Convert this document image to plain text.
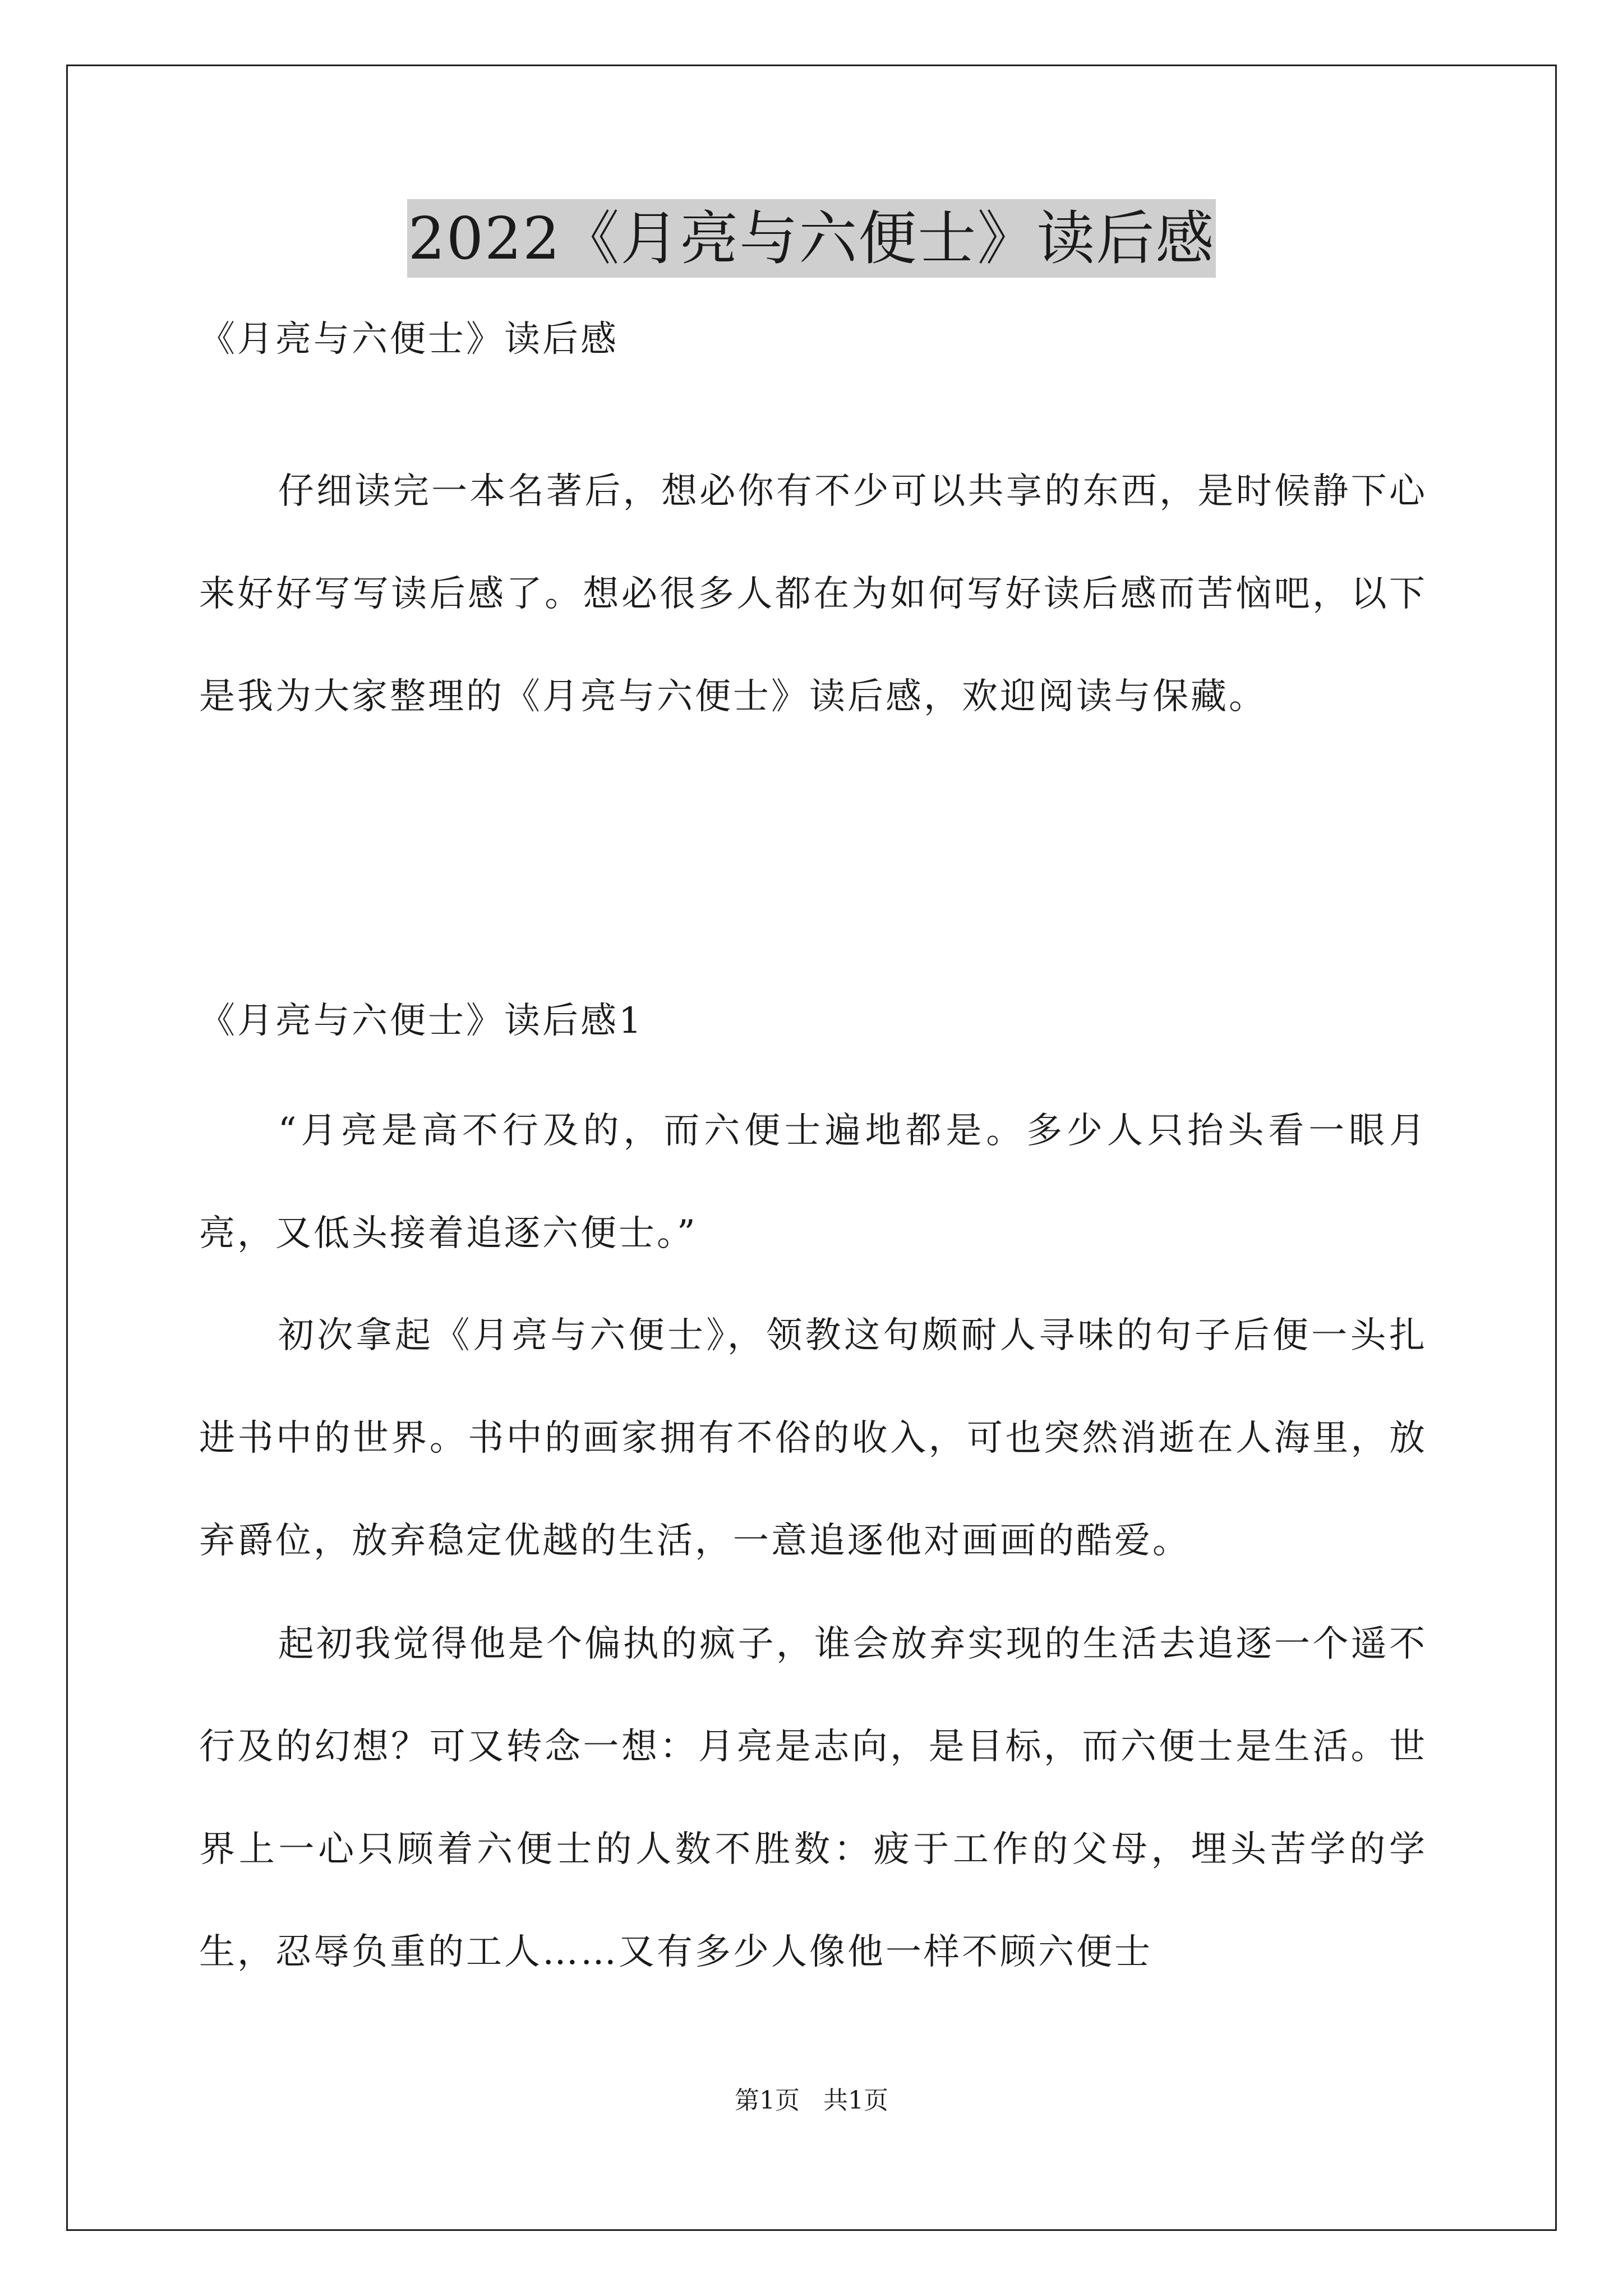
2022《月亮与六便士》读后感
《月亮与六便士》读后感
仔细读完一本名著后，想必你有不少可以共享的东西，是时候静下心来好好写写读后感了。想必很多人都在为如何写好读后感而苦恼吧，以下是我为大家整理的《月亮与六便士》读后感，欢迎阅读与保藏。
《月亮与六便士》读后感1
“月亮是高不行及的，而六便士遍地都是。多少人只抬头看一眼月亮，又低头接着追逐六便士。”
初次拿起《月亮与六便士》，领教这句颇耐人寻味的句子后便一头扎进书中的世界。书中的画家拥有不俗的收入，可也突然消逝在人海里，放弃爵位，放弃稳定优越的生活，一意追逐他对画画的酷爱。
起初我觉得他是个偏执的疯子，谁会放弃实现的生活去追逐一个遥不行及的幻想？可又转念一想：月亮是志向，是目标，而六便士是生活。世界上一心只顾着六便士的人数不胜数：疲于工作的父母，埋头苦学的学生，忍辱负重的工人……又有多少人像他一样不顾六便士
第1页 共1页
